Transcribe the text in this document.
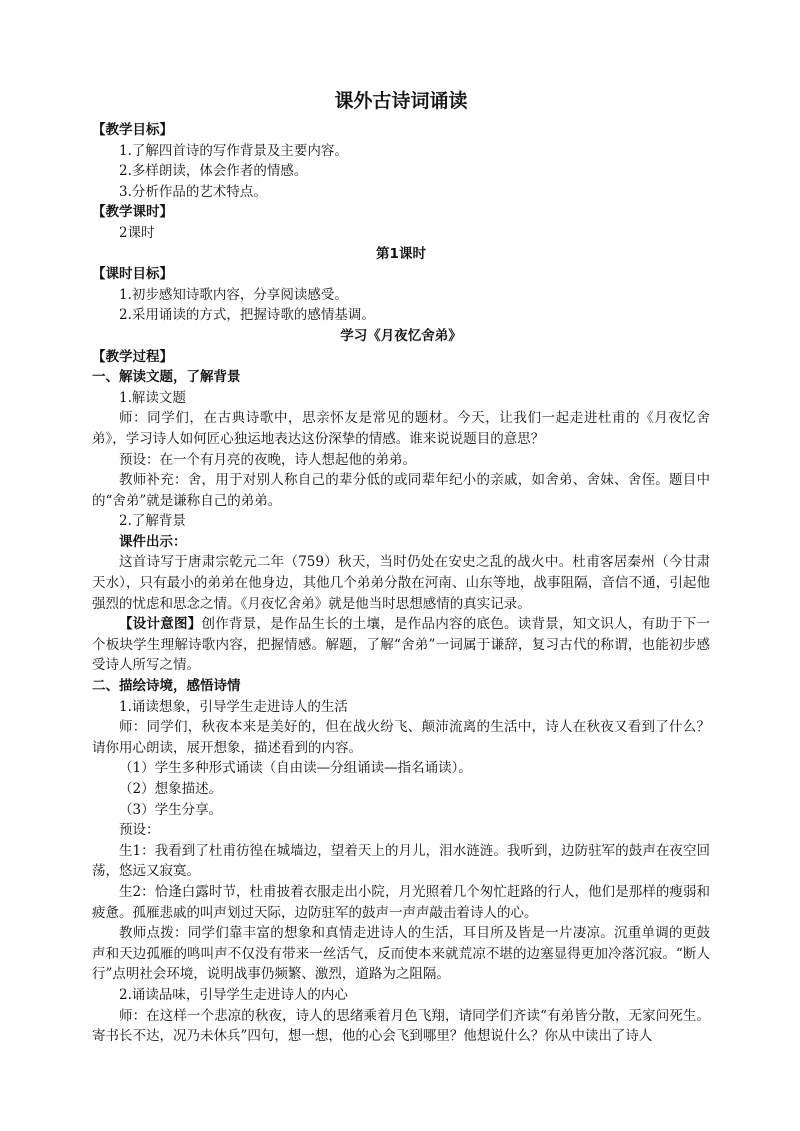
课外古诗词诵读

【教学目标】

1.了解四首诗的写作背景及主要内容。

2.多样朗读，体会作者的情感。

3.分析作品的艺术特点。

【教学课时】

2课时

第1课时

【课时目标】

1.初步感知诗歌内容，分享阅读感受。

2.采用诵读的方式，把握诗歌的感情基调。

学习《月夜忆舍弟》

【教学过程】

一、解读文题，了解背景

1.解读文题

师：同学们，在古典诗歌中，思亲怀友是常见的题材。今天，让我们一起走进杜甫的《月夜忆舍弟》，学习诗人如何匠心独运地表达这份深挚的情感。谁来说说题目的意思？

预设：在一个有月亮的夜晚，诗人想起他的弟弟。

教师补充：舍，用于对别人称自己的辈分低的或同辈年纪小的亲戚，如舍弟、舍妹、舍侄。题目中的“舍弟”就是谦称自己的弟弟。

2.了解背景

课件出示：

这首诗写于唐肃宗乾元二年（759）秋天，当时仍处在安史之乱的战火中。杜甫客居秦州（今甘肃天水），只有最小的弟弟在他身边，其他几个弟弟分散在河南、山东等地，战事阻隔，音信不通，引起他强烈的忧虑和思念之情。《月夜忆舍弟》就是他当时思想感情的真实记录。

【设计意图】创作背景，是作品生长的土壤，是作品内容的底色。读背景，知文识人，有助于下一个板块学生理解诗歌内容，把握情感。解题，了解“舍弟”一词属于谦辞，复习古代的称谓，也能初步感受诗人所写之情。

二、描绘诗境，感悟诗情

1.诵读想象，引导学生走进诗人的生活

师：同学们，秋夜本来是美好的，但在战火纷飞、颠沛流离的生活中，诗人在秋夜又看到了什么？请你用心朗读，展开想象，描述看到的内容。

（1）学生多种形式诵读（自由读—分组诵读—指名诵读）。

（2）想象描述。

（3）学生分享。

预设：

生1：我看到了杜甫彷徨在城墙边，望着天上的月儿，泪水涟涟。我听到，边防驻军的鼓声在夜空回荡，悠远又寂寞。

生2：恰逢白露时节，杜甫披着衣服走出小院，月光照着几个匆忙赶路的行人，他们是那样的瘦弱和疲惫。孤雁悲戚的叫声划过天际，边防驻军的鼓声一声声敲击着诗人的心。

教师点拨：同学们靠丰富的想象和真情走进诗人的生活，耳目所及皆是一片凄凉。沉重单调的更鼓声和天边孤雁的鸣叫声不仅没有带来一丝活气，反而使本来就荒凉不堪的边塞显得更加冷落沉寂。“断人行”点明社会环境，说明战事仍频繁、激烈，道路为之阻隔。

2.诵读品味，引导学生走进诗人的内心

师：在这样一个悲凉的秋夜，诗人的思绪乘着月色飞翔，请同学们齐读“有弟皆分散，无家问死生。寄书长不达，况乃未休兵”四句，想一想，他的心会飞到哪里？他想说什么？你从中读出了诗人
